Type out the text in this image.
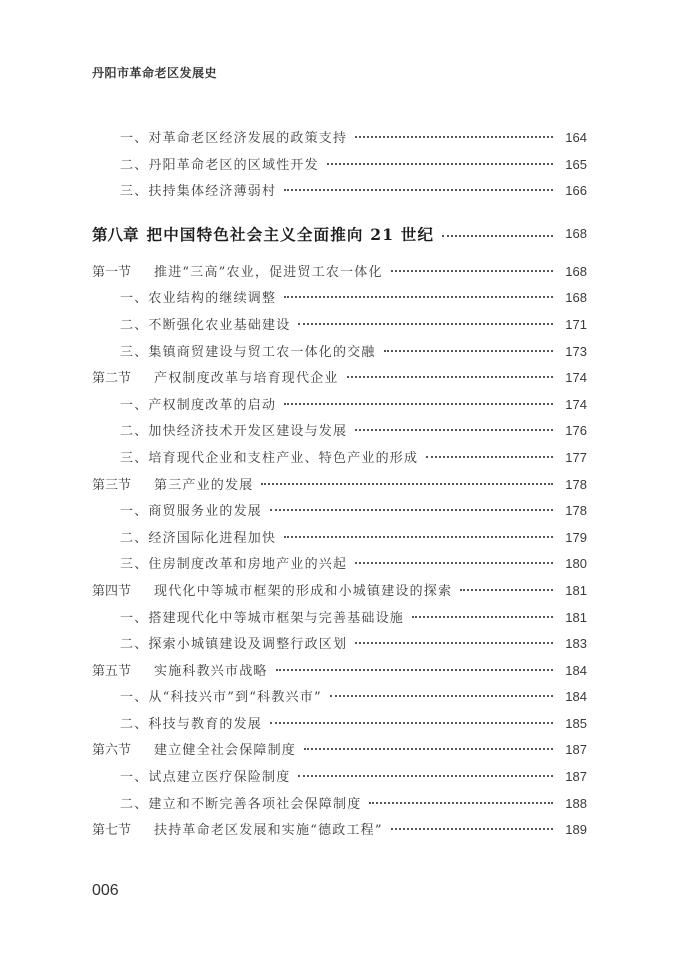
丹阳市革命老区发展史
一、对革命老区经济发展的政策支持	164
二、丹阳革命老区的区域性开发	165
三、扶持集体经济薄弱村	166
第八章 把中国特色社会主义全面推向 21 世纪	168
第一节	推进“三高”农业，促进贸工农一体化	168
一、农业结构的继续调整	168
二、不断强化农业基础建设	171
三、集镇商贸建设与贸工农一体化的交融	173
第二节	产权制度改革与培育现代企业	174
一、产权制度改革的启动	174
二、加快经济技术开发区建设与发展	176
三、培育现代企业和支柱产业、特色产业的形成	177
第三节	第三产业的发展	178
一、商贸服务业的发展	178
二、经济国际化进程加快	179
三、住房制度改革和房地产业的兴起	180
第四节	现代化中等城市框架的形成和小城镇建设的探索	181
一、搭建现代化中等城市框架与完善基础设施	181
二、探索小城镇建设及调整行政区划	183
第五节	实施科教兴市战略	184
一、从“科技兴市”到“科教兴市”	184
二、科技与教育的发展	185
第六节	建立健全社会保障制度	187
一、试点建立医疗保险制度	187
二、建立和不断完善各项社会保障制度	188
第七节	扶持革命老区发展和实施“德政工程”	189
006
